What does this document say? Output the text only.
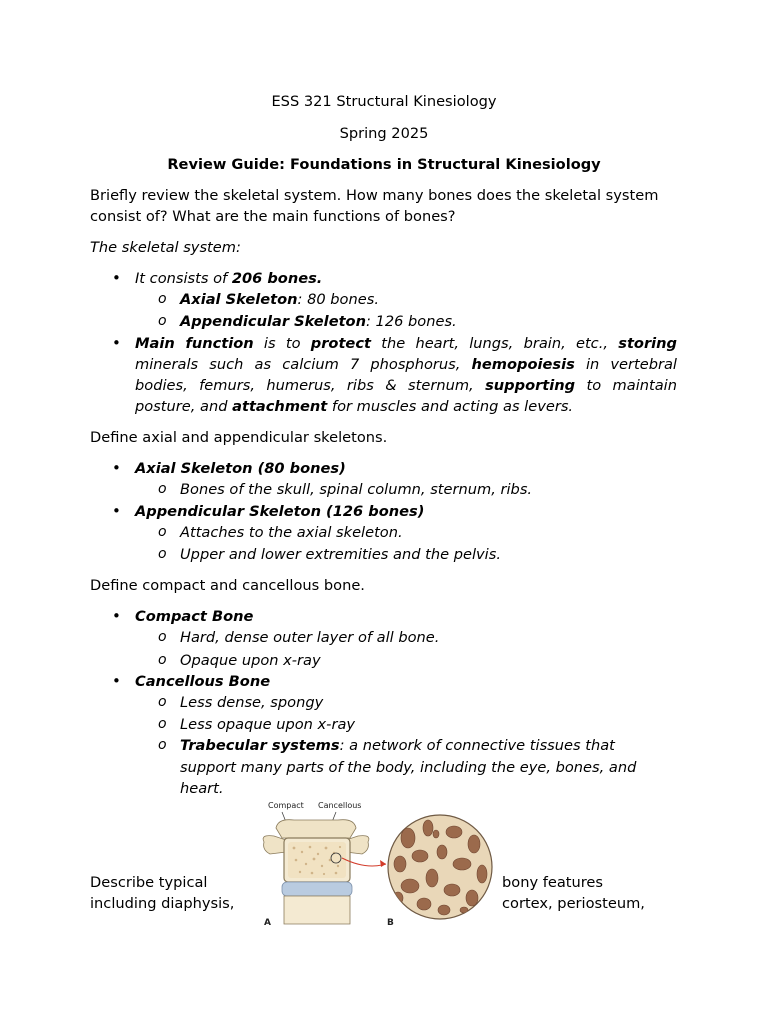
ESS 321 Structural Kinesiology
Spring 2025
Review Guide: Foundations in Structural Kinesiology
Briefly review the skeletal system. How many bones does the skeletal system
consist of? What are the main functions of bones?
The skeletal system:
• It consists of 206 bones.
o Axial Skeleton: 80 bones.
o Appendicular Skeleton: 126 bones.
• Main function is to protect the heart, lungs, brain, etc., storing
minerals such as calcium 7 phosphorus, hemopoiesis in vertebral
bodies, femurs, humerus, ribs & sternum, supporting to maintain
posture, and attachment for muscles and acting as levers.
Define axial and appendicular skeletons.
• Axial Skeleton (80 bones)
o Bones of the skull, spinal column, sternum, ribs.
• Appendicular Skeleton (126 bones)
o Attaches to the axial skeleton.
o Upper and lower extremities and the pelvis.
Define compact and cancellous bone.
• Compact Bone
o Hard, dense outer layer of all bone.
o Opaque upon x-ray
• Cancellous Bone
o Less dense, spongy
o Less opaque upon x-ray
o Trabecular systems: a network of connective tissues that
support many parts of the body, including the eye, bones, and
heart.
Compact Cancellous
A	B
Describe typical
including diaphysis,
bony features
cortex, periosteum,
